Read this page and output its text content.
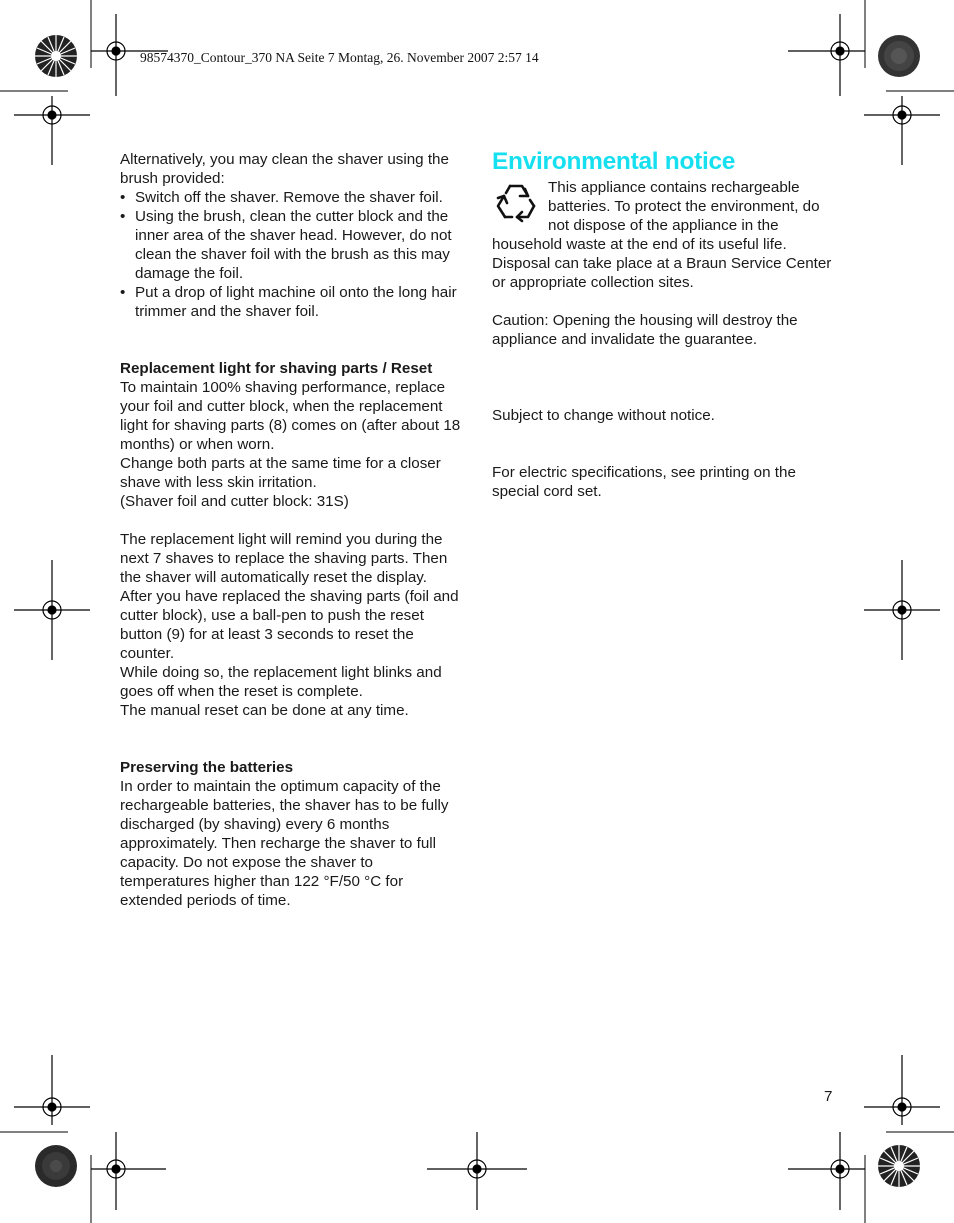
98574370_Contour_370 NA Seite 7 Montag, 26. November 2007 2:57 14

Alternatively, you may clean the shaver using the brush provided:

• Switch off the shaver. Remove the shaver foil.
• Using the brush, clean the cutter block and the inner area of the shaver head. However, do not clean the shaver foil with the brush as this may damage the foil.
• Put a drop of light machine oil onto the long hair trimmer and the shaver foil.

Replacement light for shaving parts / Reset

To maintain 100% shaving performance, replace your foil and cutter block, when the replacement light for shaving parts (8) comes on (after about 18 months) or when worn.

Change both parts at the same time for a closer shave with less skin irritation.

(Shaver foil and cutter block: 31S)

The replacement light will remind you during the next 7 shaves to replace the shaving parts. Then the shaver will automatically reset the display.

After you have replaced the shaving parts (foil and cutter block), use a ball-pen to push the reset button (9) for at least 3 seconds to reset the counter.

While doing so, the replacement light blinks and goes off when the reset is complete.

The manual reset can be done at any time.

Preserving the batteries

In order to maintain the optimum capacity of the rechargeable batteries, the shaver has to be fully discharged (by shaving) every 6 months approximately. Then recharge the shaver to full capacity. Do not expose the shaver to temperatures higher than 122 °F/50 °C for extended periods of time.

Environmental notice

This appliance contains rechargeable batteries. To protect the environment, do not dispose of the appliance in the household waste at the end of its useful life. Disposal can take place at a Braun Service Center or appropriate collection sites.

Caution: Opening the housing will destroy the appliance and invalidate the guarantee.

Subject to change without notice.

For electric specifications, see printing on the special cord set.

7
